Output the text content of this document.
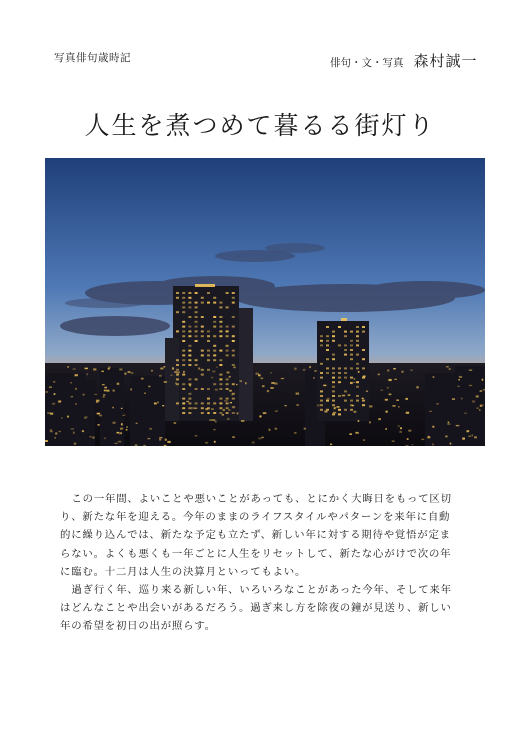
写真俳句歳時記	俳句・文・写真 森村誠一
人生を煮つめて暮るる街灯り

この一年間、よいことや悪いことがあっても、とにかく大晦日をもって区切り、新たな年を迎える。今年のままのライフスタイルやパターンを来年に自動的に繰り込んでは、新たな予定も立たず、新しい年に対する期待や覚悟が定まらない。よくも悪くも一年ごとに人生をリセットして、新たな心がけで次の年に臨む。十二月は人生の決算月といってもよい。

過ぎ行く年、巡り来る新しい年、いろいろなことがあった今年、そして来年はどんなことや出会いがあるだろう。過ぎ来し方を除夜の鐘が見送り、新しい年の希望を初日の出が照らす。
